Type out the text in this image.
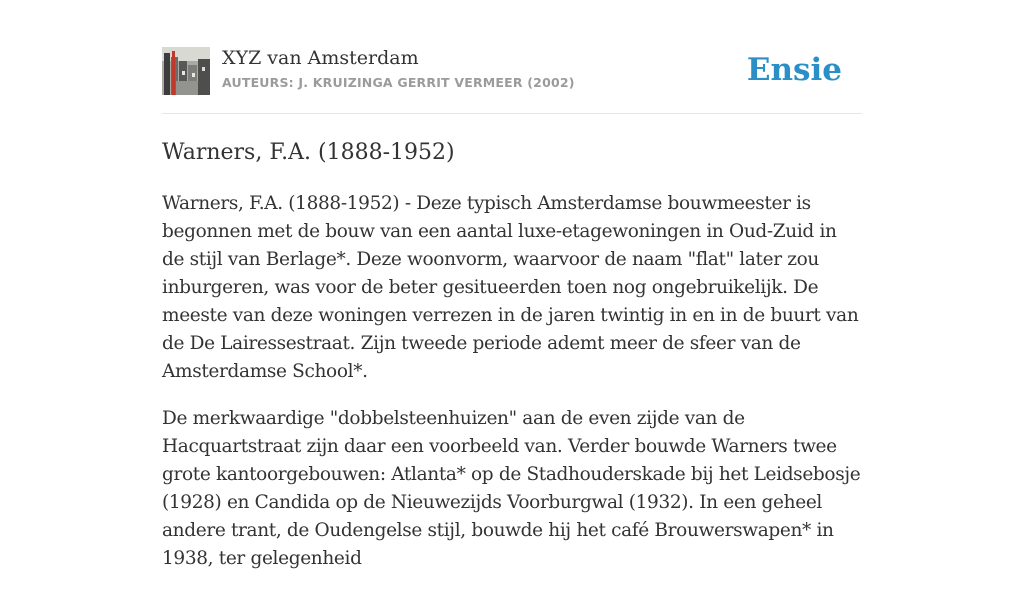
XYZ van Amsterdam
AUTEURS: J. KRUIZINGA GERRIT VERMEER (2002)	Ensie
Warners, F.A. (1888-1952)

Warners, F.A. (1888-1952) - Deze typisch Amsterdamse bouwmeester is begonnen met de bouw van een aantal luxe-etagewoningen in Oud-Zuid in de stijl van Berlage*. Deze woonvorm, waarvoor de naam "flat" later zou inburgeren, was voor de beter gesitueerden toen nog ongebruikelijk. De meeste van deze woningen verrezen in de jaren twintig in en in de buurt van de De Lairessestraat. Zijn tweede periode ademt meer de sfeer van de Amsterdamse School*.

De merkwaardige "dobbelsteenhuizen" aan de even zijde van de Hacquartstraat zijn daar een voorbeeld van. Verder bouwde Warners twee grote kantoorgebouwen: Atlanta* op de Stadhouderskade bij het Leidsebosje (1928) en Candida op de Nieuwezijds Voorburgwal (1932). In een geheel andere trant, de Oudengelse stijl, bouwde hij het café Brouwerswapen* in 1938, ter gelegenheid
